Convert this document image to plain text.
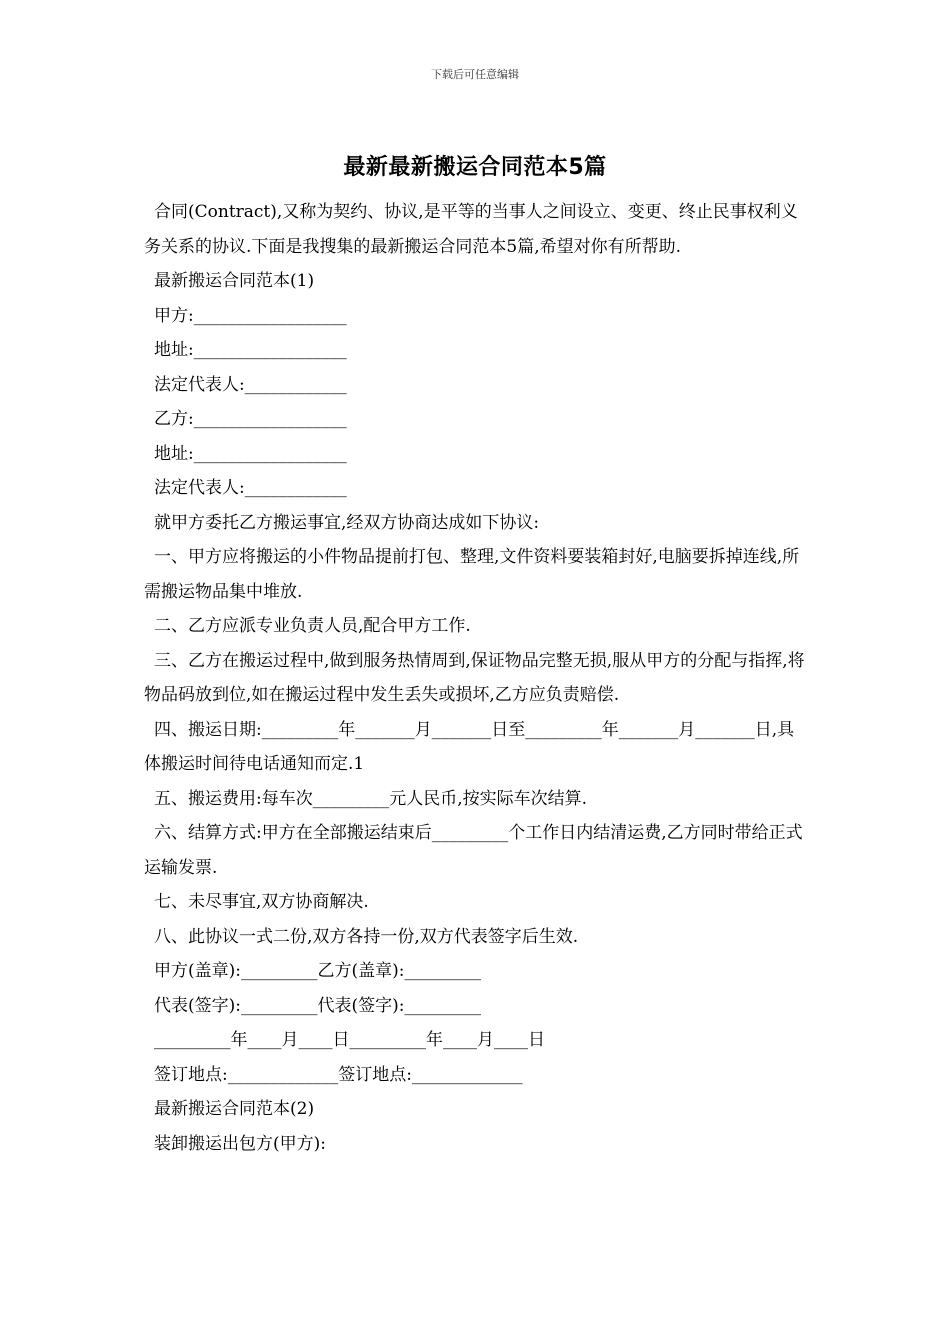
下载后可任意编辑
最新最新搬运合同范本5篇

合同(Contract),又称为契约、协议,是平等的当事人之间设立、变更、终止民事权利义务关系的协议.下面是我搜集的最新搬运合同范本5篇,希望对你有所帮助.

最新搬运合同范本(1)

甲方:__________________

地址:__________________

法定代表人:____________

乙方:__________________

地址:__________________

法定代表人:____________

就甲方委托乙方搬运事宜,经双方协商达成如下协议:

一、甲方应将搬运的小件物品提前打包、整理,文件资料要装箱封好,电脑要拆掉连线,所需搬运物品集中堆放.

二、乙方应派专业负责人员,配合甲方工作.

三、乙方在搬运过程中,做到服务热情周到,保证物品完整无损,服从甲方的分配与指挥,将物品码放到位,如在搬运过程中发生丢失或损坏,乙方应负责赔偿.

四、搬运日期:_________年_______月_______日至_________年_______月_______日,具体搬运时间待电话通知而定.1

五、搬运费用:每车次_________元人民币,按实际车次结算.

六、结算方式:甲方在全部搬运结束后_________个工作日内结清运费,乙方同时带给正式运输发票.

七、未尽事宜,双方协商解决.

八、此协议一式二份,双方各持一份,双方代表签字后生效.

甲方(盖章):_________乙方(盖章):_________

代表(签字):_________代表(签字):_________

_________年____月____日_________年____月____日

签订地点:_____________签订地点:_____________

最新搬运合同范本(2)

装卸搬运出包方(甲方):
